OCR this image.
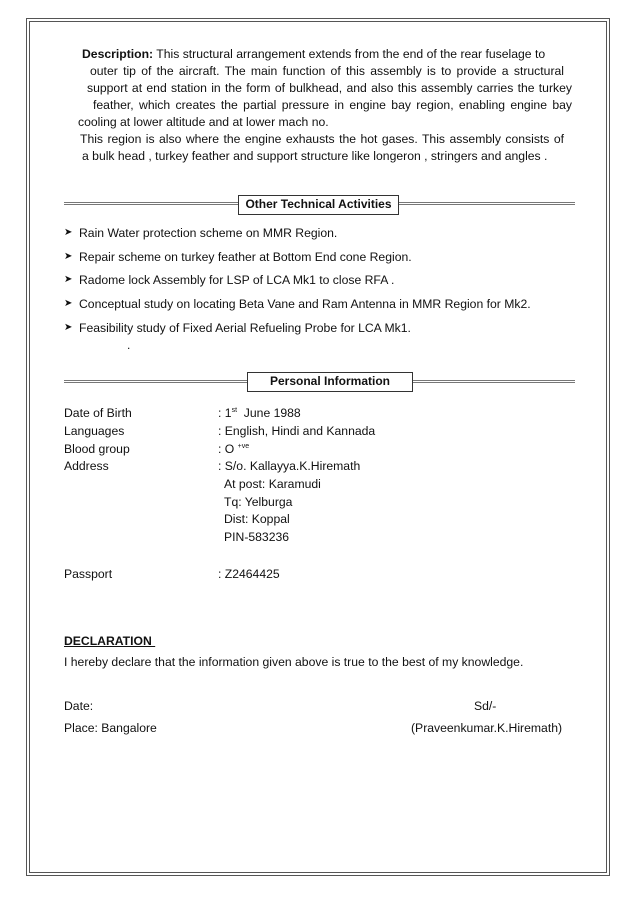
Description: This structural arrangement extends from the end of the rear fuselage to

outer tip of the aircraft. The main function of this assembly is to provide a structural

support at end station in the form of bulkhead, and also this assembly carries the turkey

feather, which creates the partial pressure in engine bay region, enabling engine bay

cooling at lower altitude and at lower mach no.

This region is also where the engine exhausts the hot gases. This assembly consists of

a bulk head , turkey feather and support structure like longeron , stringers and angles .

Other Technical Activities
➤ Rain Water protection scheme on MMR Region.
➤ Repair scheme on turkey feather at Bottom End cone Region.
➤ Radome lock Assembly for LSP of LCA Mk1 to close RFA .
➤ Conceptual study on locating Beta Vane and Ram Antenna in MMR Region for Mk2.
➤ Feasibility study of Fixed Aerial Refueling Probe for LCA Mk1.
.
Personal Information
Date of Birth	: 1st  June 1988
Languages	: English, Hindi and Kannada
Blood group	: O $^{+ve}$
Address	: S/o. Kallayya.K.Hiremath
At post: Karamudi
Tq: Yelburga
Dist: Koppal
PIN-583236
Passport	: Z2464425
DECLARATION
I hereby declare that the information given above is true to the best of my knowledge.
Date:	Sd/-
Place: Bangalore	(Praveenkumar.K.Hiremath)
